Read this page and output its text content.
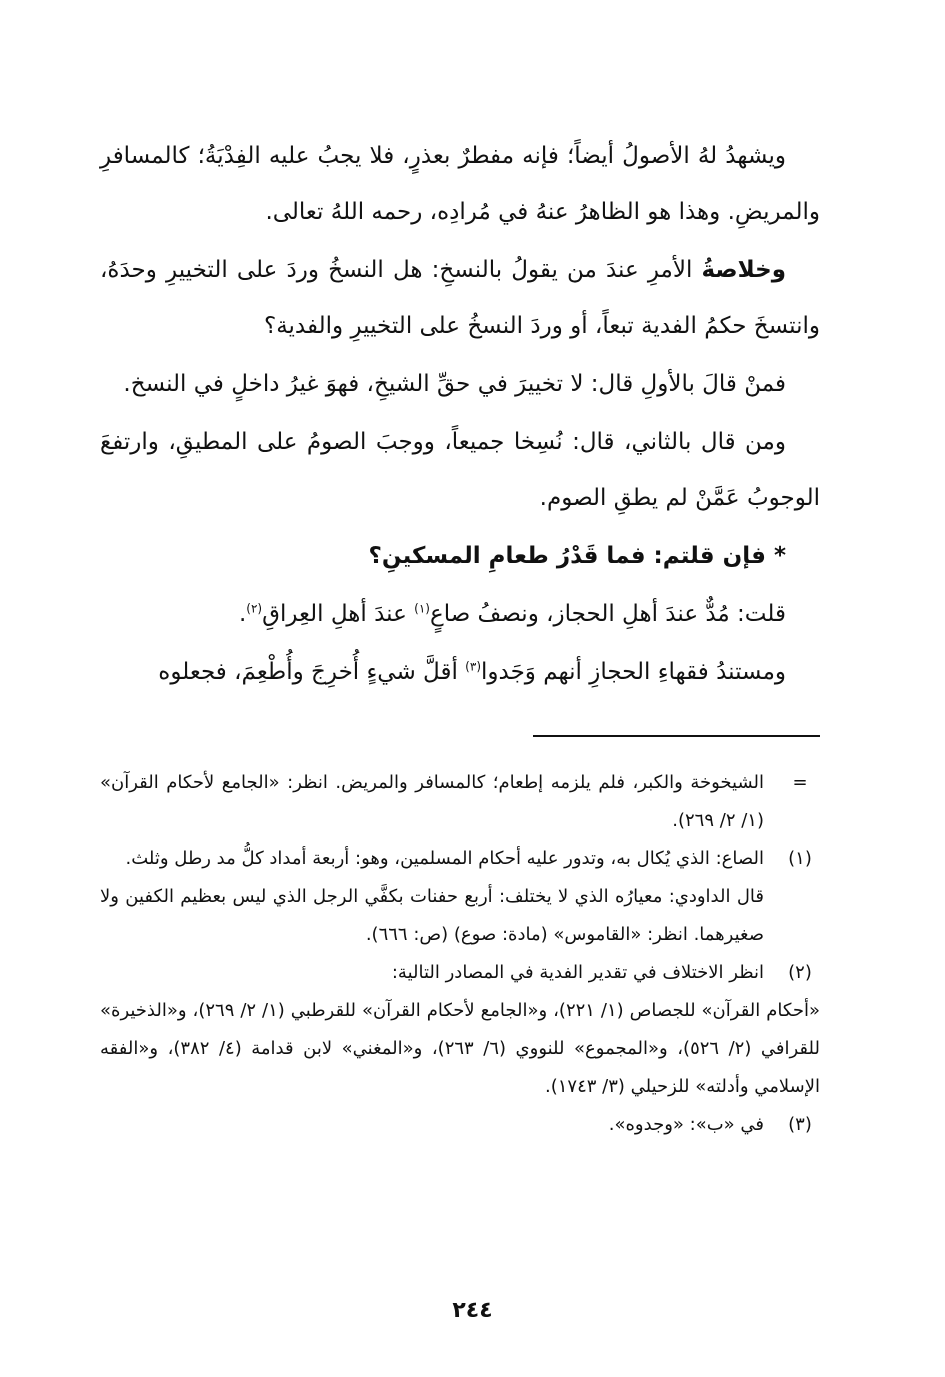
ويشهدُ لهُ الأصولُ أيضاً؛ فإنه مفطرٌ بعذرٍ، فلا يجبُ عليه الفِدْيَةُ؛ كالمسافرِ والمريضِ. وهذا هو الظاهرُ عنهُ في مُرادِه، رحمه اللهُ تعالى.

وخلاصةُ الأمرِ عندَ من يقولُ بالنسخِ: هل النسخُ وردَ على التخييرِ وحدَهُ، وانتسخَ حكمُ الفدية تبعاً، أو وردَ النسخُ على التخييرِ والفدية؟

فمنْ قالَ بالأولِ قال: لا تخييرَ في حقِّ الشيخِ، فهوَ غيرُ داخلٍ في النسخ.

ومن قال بالثاني، قال: نُسِخا جميعاً، ووجبَ الصومُ على المطيقِ، وارتفعَ الوجوبُ عَمَّنْ لم يطقِ الصوم.

* فإن قلتم: فما قَدْرُ طعامِ المسكينِ؟

قلت: مُدٌّ عندَ أهلِ الحجاز، ونصفُ صاعٍ$^{(١)}$ عندَ أهلِ العِراقِ$^{(٢)}$.

ومستندُ فقهاءِ الحجازِ أنهم وَجَدوا$^{(٣)}$ أقلَّ شيءٍ أُخرِجَ وأُطْعِمَ، فجعلوه

=
الشيخوخة والكبر، فلم يلزمه إطعام؛ كالمسافر والمريض. انظر: «الجامع لأحكام القرآن» (١/ ٢/ ٢٦٩).

(١)
الصاع: الذي يُكال به، وتدور عليه أحكام المسلمين، وهو: أربعة أمداد كلُّ مد رطل وثلث.

قال الداودي: معيارُه الذي لا يختلف: أربع حفنات بكفَّي الرجل الذي ليس بعظيم الكفين ولا صغيرهما. انظر: «القاموس» (مادة: صوع) (ص: ٦٦٦).

(٢)
انظر الاختلاف في تقدير الفدية في المصادر التالية:

«أحكام القرآن» للجصاص (١/ ٢٢١)، و«الجامع لأحكام القرآن» للقرطبي (١/ ٢/ ٢٦٩)، و«الذخيرة» للقرافي (٢/ ٥٢٦)، و«المجموع» للنووي (٦/ ٢٦٣)، و«المغني» لابن قدامة (٤/ ٣٨٢)، و«الفقه الإسلامي وأدلته» للزحيلي (٣/ ١٧٤٣).

(٣)
في «ب»: «وجدوه».

٢٤٤
